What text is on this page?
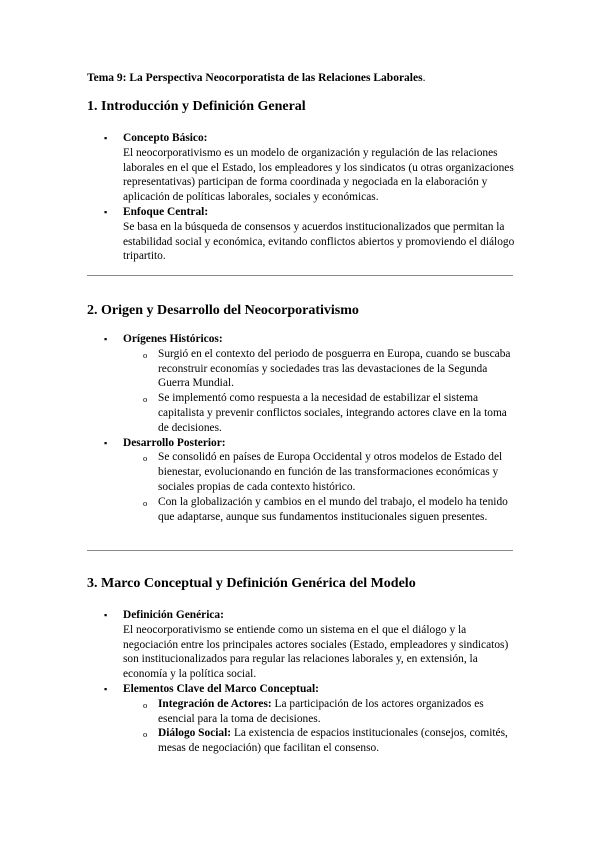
Tema 9: La Perspectiva Neocorporatista de las Relaciones Laborales.
1. Introducción y Definición General
▪ Concepto Básico:
El neocorporativismo es un modelo de organización y regulación de las relaciones laborales en el que el Estado, los empleadores y los sindicatos (u otras organizaciones representativas) participan de forma coordinada y negociada en la elaboración y aplicación de políticas laborales, sociales y económicas.
▪ Enfoque Central:
Se basa en la búsqueda de consensos y acuerdos institucionalizados que permitan la estabilidad social y económica, evitando conflictos abiertos y promoviendo el diálogo tripartito.
2. Origen y Desarrollo del Neocorporativismo
▪ Orígenes Históricos:
o Surgió en el contexto del periodo de posguerra en Europa, cuando se buscaba reconstruir economías y sociedades tras las devastaciones de la Segunda Guerra Mundial.
o Se implementó como respuesta a la necesidad de estabilizar el sistema capitalista y prevenir conflictos sociales, integrando actores clave en la toma de decisiones.
▪ Desarrollo Posterior:
o Se consolidó en países de Europa Occidental y otros modelos de Estado del bienestar, evolucionando en función de las transformaciones económicas y sociales propias de cada contexto histórico.
o Con la globalización y cambios en el mundo del trabajo, el modelo ha tenido que adaptarse, aunque sus fundamentos institucionales siguen presentes.
3. Marco Conceptual y Definición Genérica del Modelo
▪ Definición Genérica:
El neocorporativismo se entiende como un sistema en el que el diálogo y la negociación entre los principales actores sociales (Estado, empleadores y sindicatos) son institucionalizados para regular las relaciones laborales y, en extensión, la economía y la política social.
▪ Elementos Clave del Marco Conceptual:
o Integración de Actores: La participación de los actores organizados es esencial para la toma de decisiones.
o Diálogo Social: La existencia de espacios institucionales (consejos, comités, mesas de negociación) que facilitan el consenso.
